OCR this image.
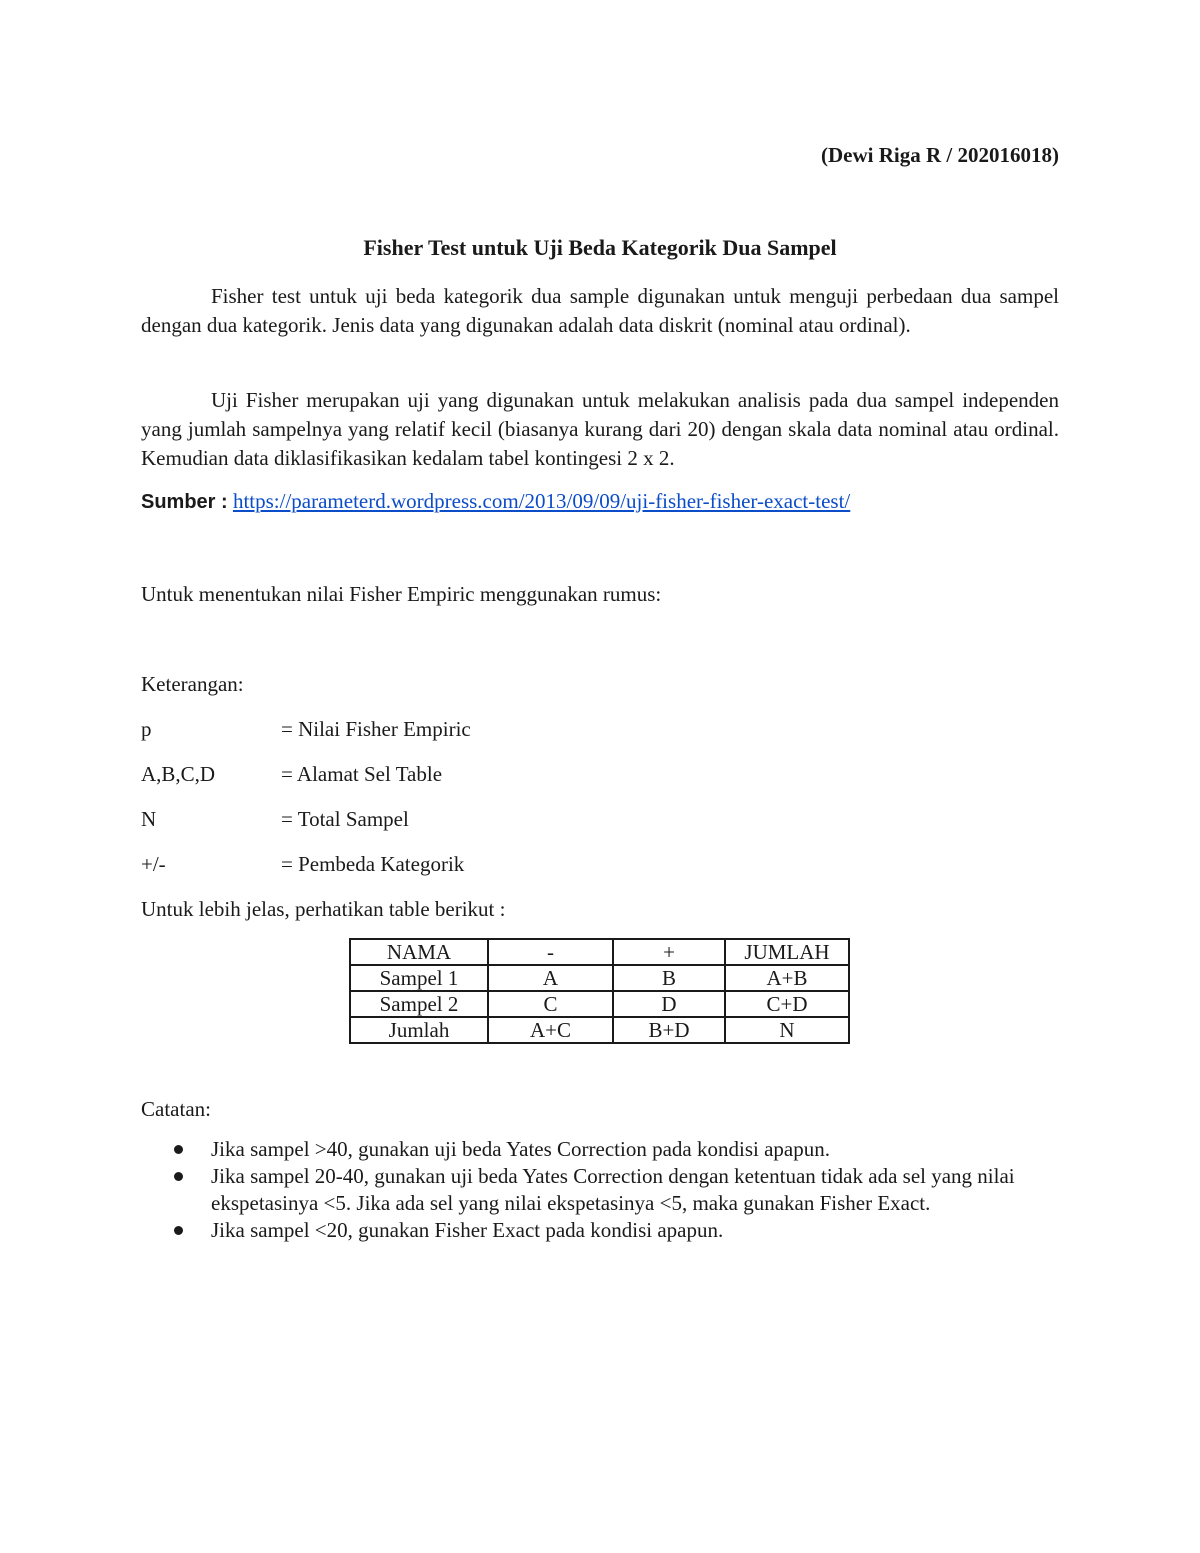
(Dewi Riga R / 202016018)
Fisher Test untuk Uji Beda Kategorik Dua Sampel

Fisher test untuk uji beda kategorik dua sample digunakan untuk menguji perbedaan dua sampel dengan dua kategorik. Jenis data yang digunakan adalah data diskrit (nominal atau ordinal).

Uji Fisher merupakan uji yang digunakan untuk melakukan analisis pada dua sampel independen yang jumlah sampelnya yang relatif kecil (biasanya kurang dari 20) dengan skala data nominal atau ordinal. Kemudian data diklasifikasikan kedalam tabel kontingesi 2 x 2.

Sumber : https://parameterd.wordpress.com/2013/09/09/uji-fisher-fisher-exact-test/
Untuk menentukan nilai Fisher Empiric menggunakan rumus:
Keterangan:
p	= Nilai Fisher Empiric
A,B,C,D	= Alamat Sel Table
N	= Total Sampel
+/-	= Pembeda Kategorik
Untuk lebih jelas, perhatikan table berikut :
NAMA	-	+	JUMLAH
Sampel 1	A	B	A+B
Sampel 2	C	D	C+D
Jumlah	A+C	B+D	N
Catatan:
Jika sampel >40, gunakan uji beda Yates Correction pada kondisi apapun.
Jika sampel 20-40, gunakan uji beda Yates Correction dengan ketentuan tidak ada sel yang nilai ekspetasinya <5. Jika ada sel yang nilai ekspetasinya <5, maka gunakan Fisher Exact.
Jika sampel <20, gunakan Fisher Exact pada kondisi apapun.
